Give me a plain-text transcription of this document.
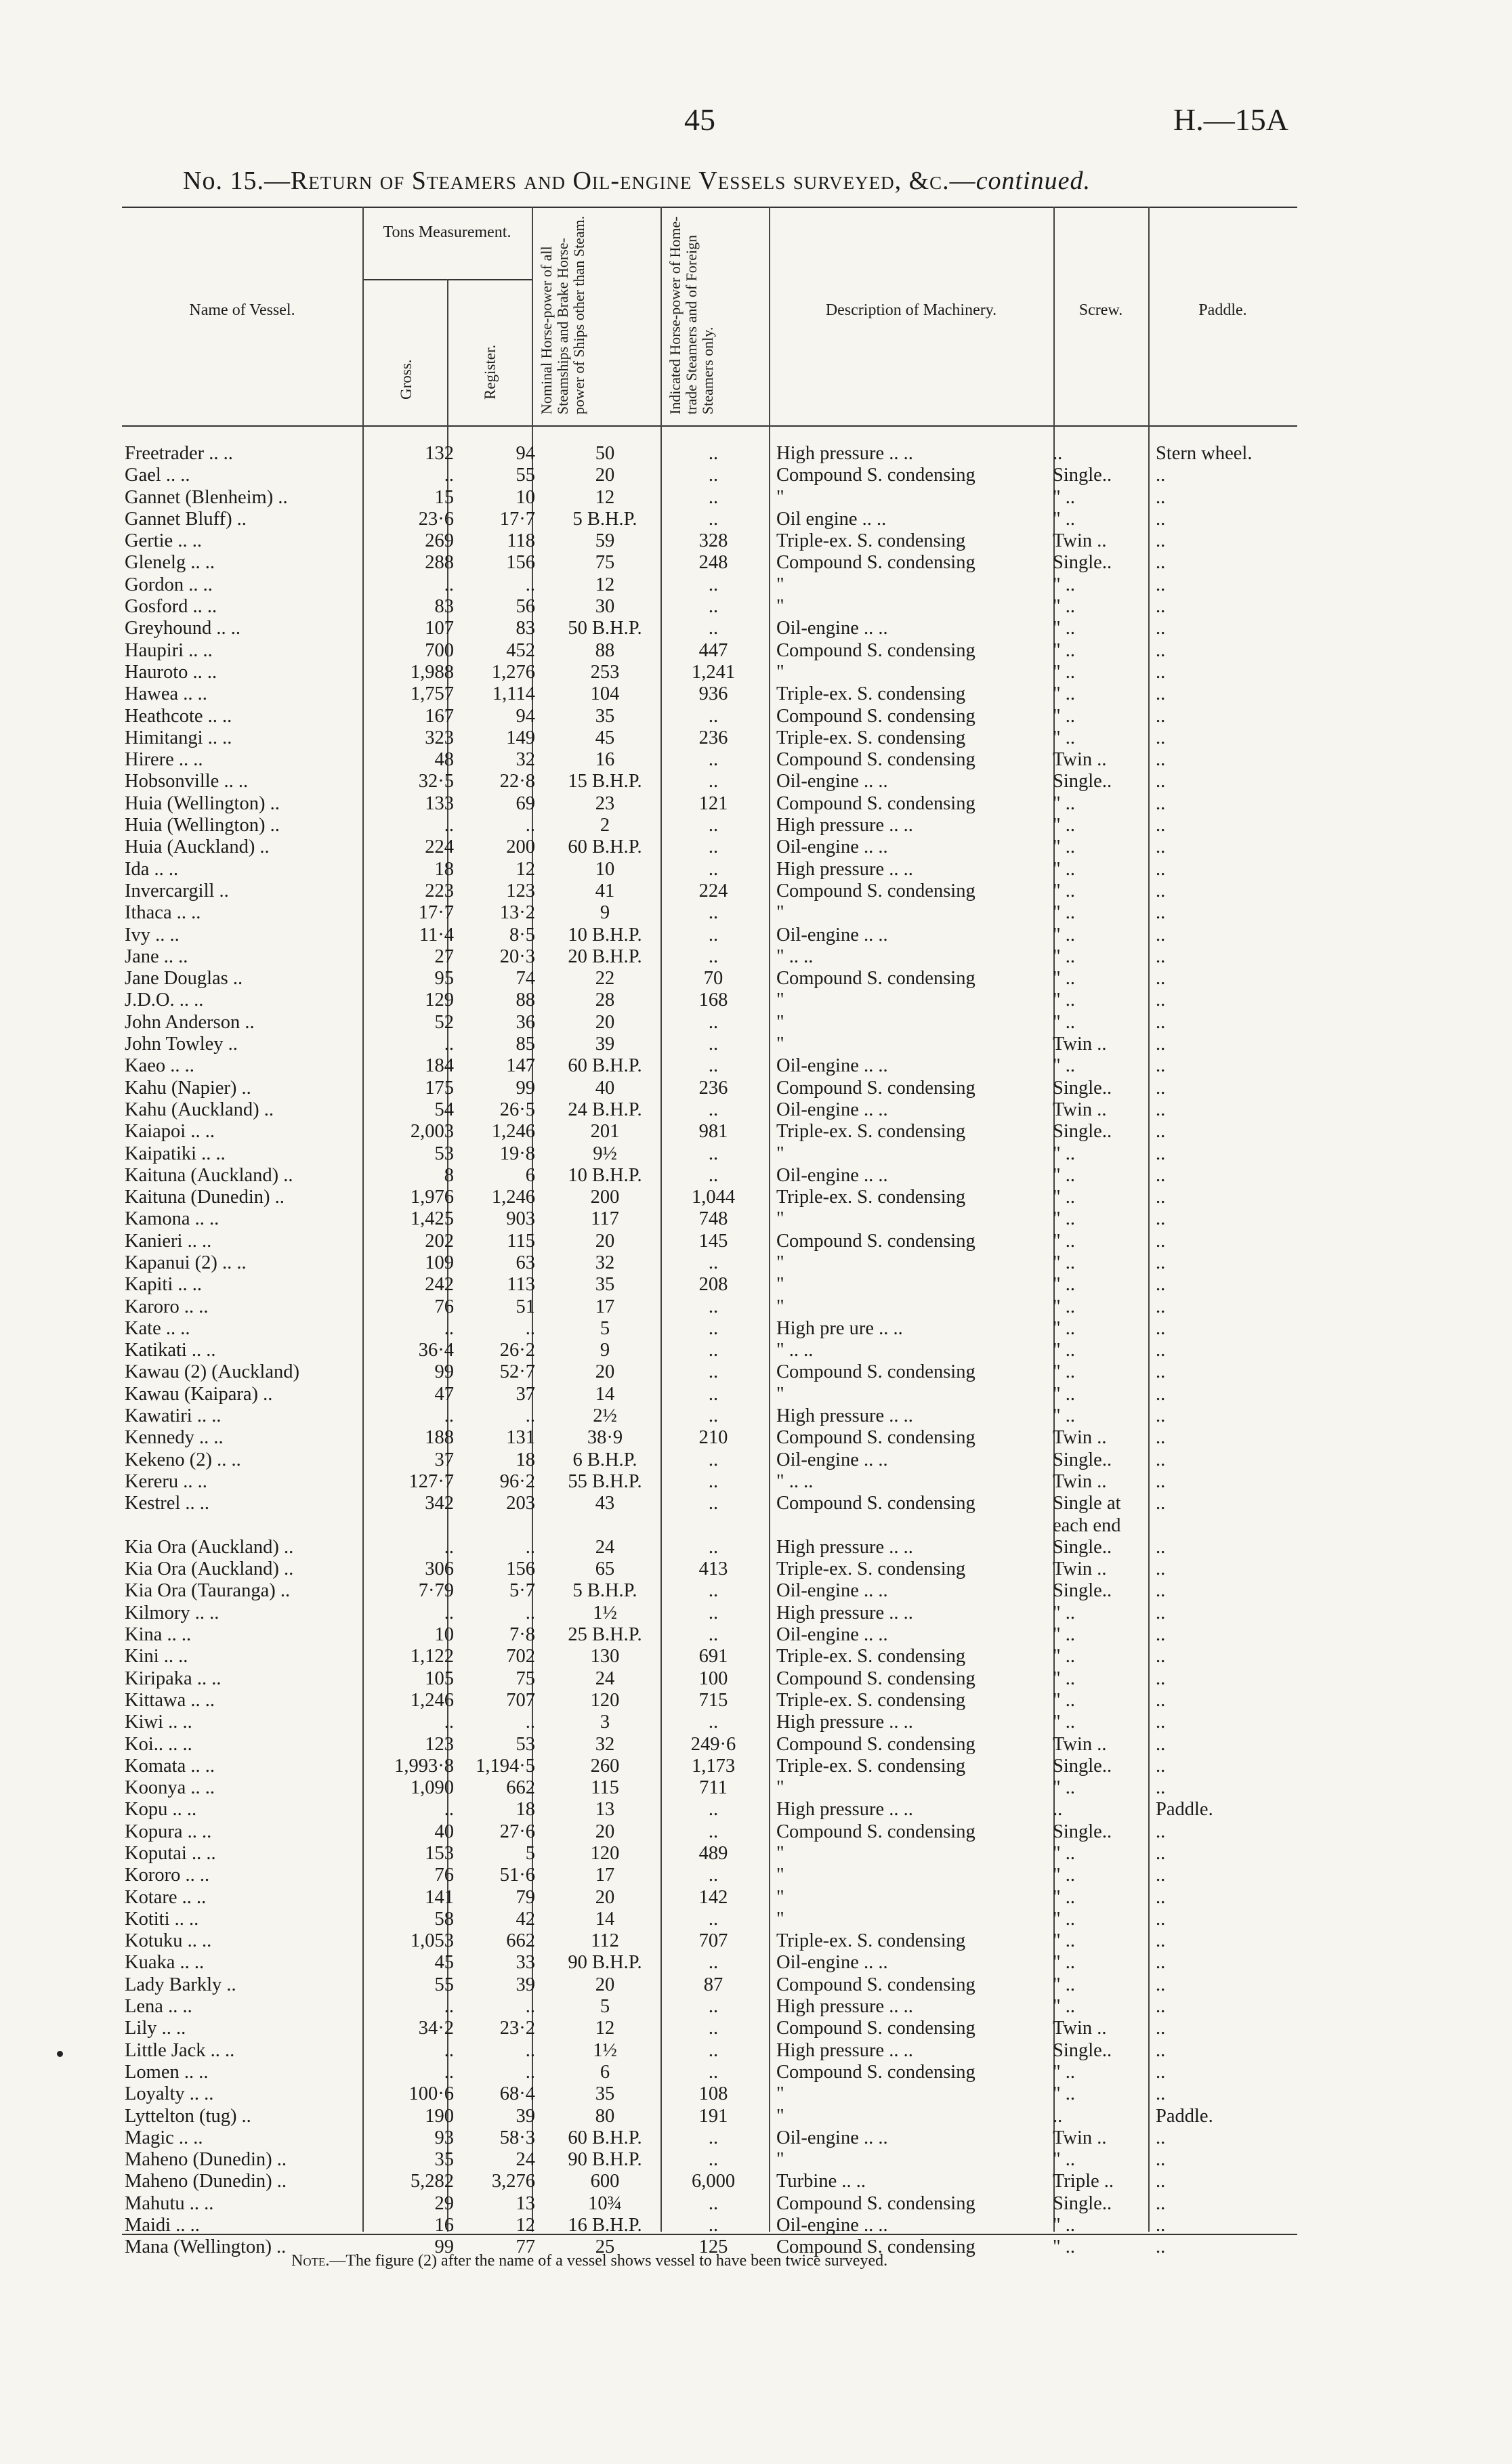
45	H.—15A
No. 15.—Return of Steamers and Oil-engine Vessels surveyed, &c.—continued.
Name of Vessel.
Tons Measurement.
Gross.	Register.	Nominal Horse-power of all Steamships and Brake Horse-power of Ships other than Steam.	Indicated Horse-power of Home-trade Steamers and of Foreign Steamers only.
Description of Machinery.	Screw.	Paddle.
Freetrader .. ..	132	94	50	..	High pressure .. ..	..	Stern wheel.
Gael .. ..	..	55	20	..	Compound S. condensing	Single..	..
Gannet (Blenheim) ..	15	10	12	..	"	" ..	..
Gannet Bluff) ..	23·6	17·7	5 B.H.P.	..	Oil engine .. ..	" ..	..
Gertie .. ..	269	118	59	328	Triple-ex. S. condensing	Twin ..	..
Glenelg .. ..	288	156	75	248	Compound S. condensing	Single..	..
Gordon .. ..	..	..	12	..	"	" ..	..
Gosford .. ..	83	56	30	..	"	" ..	..
Greyhound .. ..	107	83	50 B.H.P.	..	Oil-engine .. ..	" ..	..
Haupiri .. ..	700	452	88	447	Compound S. condensing	" ..	..
Hauroto .. ..	1,988	1,276	253	1,241	"	" ..	..
Hawea .. ..	1,757	1,114	104	936	Triple-ex. S. condensing	" ..	..
Heathcote .. ..	167	94	35	..	Compound S. condensing	" ..	..
Himitangi .. ..	323	149	45	236	Triple-ex. S. condensing	" ..	..
Hirere .. ..	48	32	16	..	Compound S. condensing	Twin ..	..
Hobsonville .. ..	32·5	22·8	15 B.H.P.	..	Oil-engine .. ..	Single..	..
Huia (Wellington) ..	133	69	23	121	Compound S. condensing	" ..	..
Huia (Wellington) ..	..	..	2	..	High pressure .. ..	" ..	..
Huia (Auckland) ..	224	200	60 B.H.P.	..	Oil-engine .. ..	" ..	..
Ida .. ..	18	12	10	..	High pressure .. ..	" ..	..
Invercargill ..	223	123	41	224	Compound S. condensing	" ..	..
Ithaca .. ..	17·7	13·2	9	..	"	" ..	..
Ivy .. ..	11·4	8·5	10 B.H.P.	..	Oil-engine .. ..	" ..	..
Jane .. ..	27	20·3	20 B.H.P.	..	" .. ..	" ..	..
Jane Douglas ..	95	74	22	70	Compound S. condensing	" ..	..
J.D.O. .. ..	129	88	28	168	"	" ..	..
John Anderson ..	52	36	20	..	"	" ..	..
John Towley ..	..	85	39	..	"	Twin ..	..
Kaeo .. ..	184	147	60 B.H.P.	..	Oil-engine .. ..	" ..	..
Kahu (Napier) ..	175	99	40	236	Compound S. condensing	Single..	..
Kahu (Auckland) ..	54	26·5	24 B.H.P.	..	Oil-engine .. ..	Twin ..	..
Kaiapoi .. ..	2,003	1,246	201	981	Triple-ex. S. condensing	Single..	..
Kaipatiki .. ..	53	19·8	9½	..	"	" ..	..
Kaituna (Auckland) ..	8	6	10 B.H.P.	..	Oil-engine .. ..	" ..	..
Kaituna (Dunedin) ..	1,976	1,246	200	1,044	Triple-ex. S. condensing	" ..	..
Kamona .. ..	1,425	903	117	748	"	" ..	..
Kanieri .. ..	202	115	20	145	Compound S. condensing	" ..	..
Kapanui (2) .. ..	109	63	32	..	"	" ..	..
Kapiti .. ..	242	113	35	208	"	" ..	..
Karoro .. ..	76	51	17	..	"	" ..	..
Kate .. ..	..	..	5	..	High pre ure .. ..	" ..	..
Katikati .. ..	36·4	26·2	9	..	" .. ..	" ..	..
Kawau (2) (Auckland)	99	52·7	20	..	Compound S. condensing	" ..	..
Kawau (Kaipara) ..	47	37	14	..	"	" ..	..
Kawatiri .. ..	..	..	2½	..	High pressure .. ..	" ..	..
Kennedy .. ..	188	131	38·9	210	Compound S. condensing	Twin ..	..
Kekeno (2) .. ..	37	18	6 B.H.P.	..	Oil-engine .. ..	Single..	..
Kereru .. ..	127·7	96·2	55 B.H.P.	..	" .. ..	Twin ..	..
Kestrel .. ..	342	203	43	..	Compound S. condensing	Single at	..
						each end	
Kia Ora (Auckland) ..	..	..	24	..	High pressure .. ..	Single..	..
Kia Ora (Auckland) ..	306	156	65	413	Triple-ex. S. condensing	Twin ..	..
Kia Ora (Tauranga) ..	7·79	5·7	5 B.H.P.	..	Oil-engine .. ..	Single..	..
Kilmory .. ..	..	..	1½	..	High pressure .. ..	" ..	..
Kina .. ..	10	7·8	25 B.H.P.	..	Oil-engine .. ..	" ..	..
Kini .. ..	1,122	702	130	691	Triple-ex. S. condensing	" ..	..
Kiripaka .. ..	105	75	24	100	Compound S. condensing	" ..	..
Kittawa .. ..	1,246	707	120	715	Triple-ex. S. condensing	" ..	..
Kiwi .. ..	..	..	3	..	High pressure .. ..	" ..	..
Koi.. .. ..	123	53	32	249·6	Compound S. condensing	Twin ..	..
Komata .. ..	1,993·8	1,194·5	260	1,173	Triple-ex. S. condensing	Single..	..
Koonya .. ..	1,090	662	115	711	"	" ..	..
Kopu .. ..	..	18	13	..	High pressure .. ..	..	Paddle.
Kopura .. ..	40	27·6	20	..	Compound S. condensing	Single..	..
Koputai .. ..	153	5	120	489	"	" ..	..
Kororo .. ..	76	51·6	17	..	"	" ..	..
Kotare .. ..	141	79	20	142	"	" ..	..
Kotiti .. ..	58	42	14	..	"	" ..	..
Kotuku .. ..	1,053	662	112	707	Triple-ex. S. condensing	" ..	..
Kuaka .. ..	45	33	90 B.H.P.	..	Oil-engine .. ..	" ..	..
Lady Barkly ..	55	39	20	87	Compound S. condensing	" ..	..
Lena .. ..	..	..	5	..	High pressure .. ..	" ..	..
Lily .. ..	34·2	23·2	12	..	Compound S. condensing	Twin ..	..
Little Jack .. ..	..	..	1½	..	High pressure .. ..	Single..	..
Lomen .. ..	..	..	6	..	Compound S. condensing	" ..	..
Loyalty .. ..	100·6	68·4	35	108	"	" ..	..
Lyttelton (tug) ..	190	39	80	191	"	..	Paddle.
Magic .. ..	93	58·3	60 B.H.P.	..	Oil-engine .. ..	Twin ..	..
Maheno (Dunedin) ..	35	24	90 B.H.P.	..	"	" ..	..
Maheno (Dunedin) ..	5,282	3,276	600	6,000	Turbine .. ..	Triple ..	..
Mahutu .. ..	29	13	10¾	..	Compound S. condensing	Single..	..
Maidi .. ..	16	12	16 B.H.P.	..	Oil-engine .. ..	" ..	..
Mana (Wellington) ..	99	77	25	125	Compound S. condensing	" ..	..
Note.—The figure (2) after the name of a vessel shows vessel to have been twice surveyed.
